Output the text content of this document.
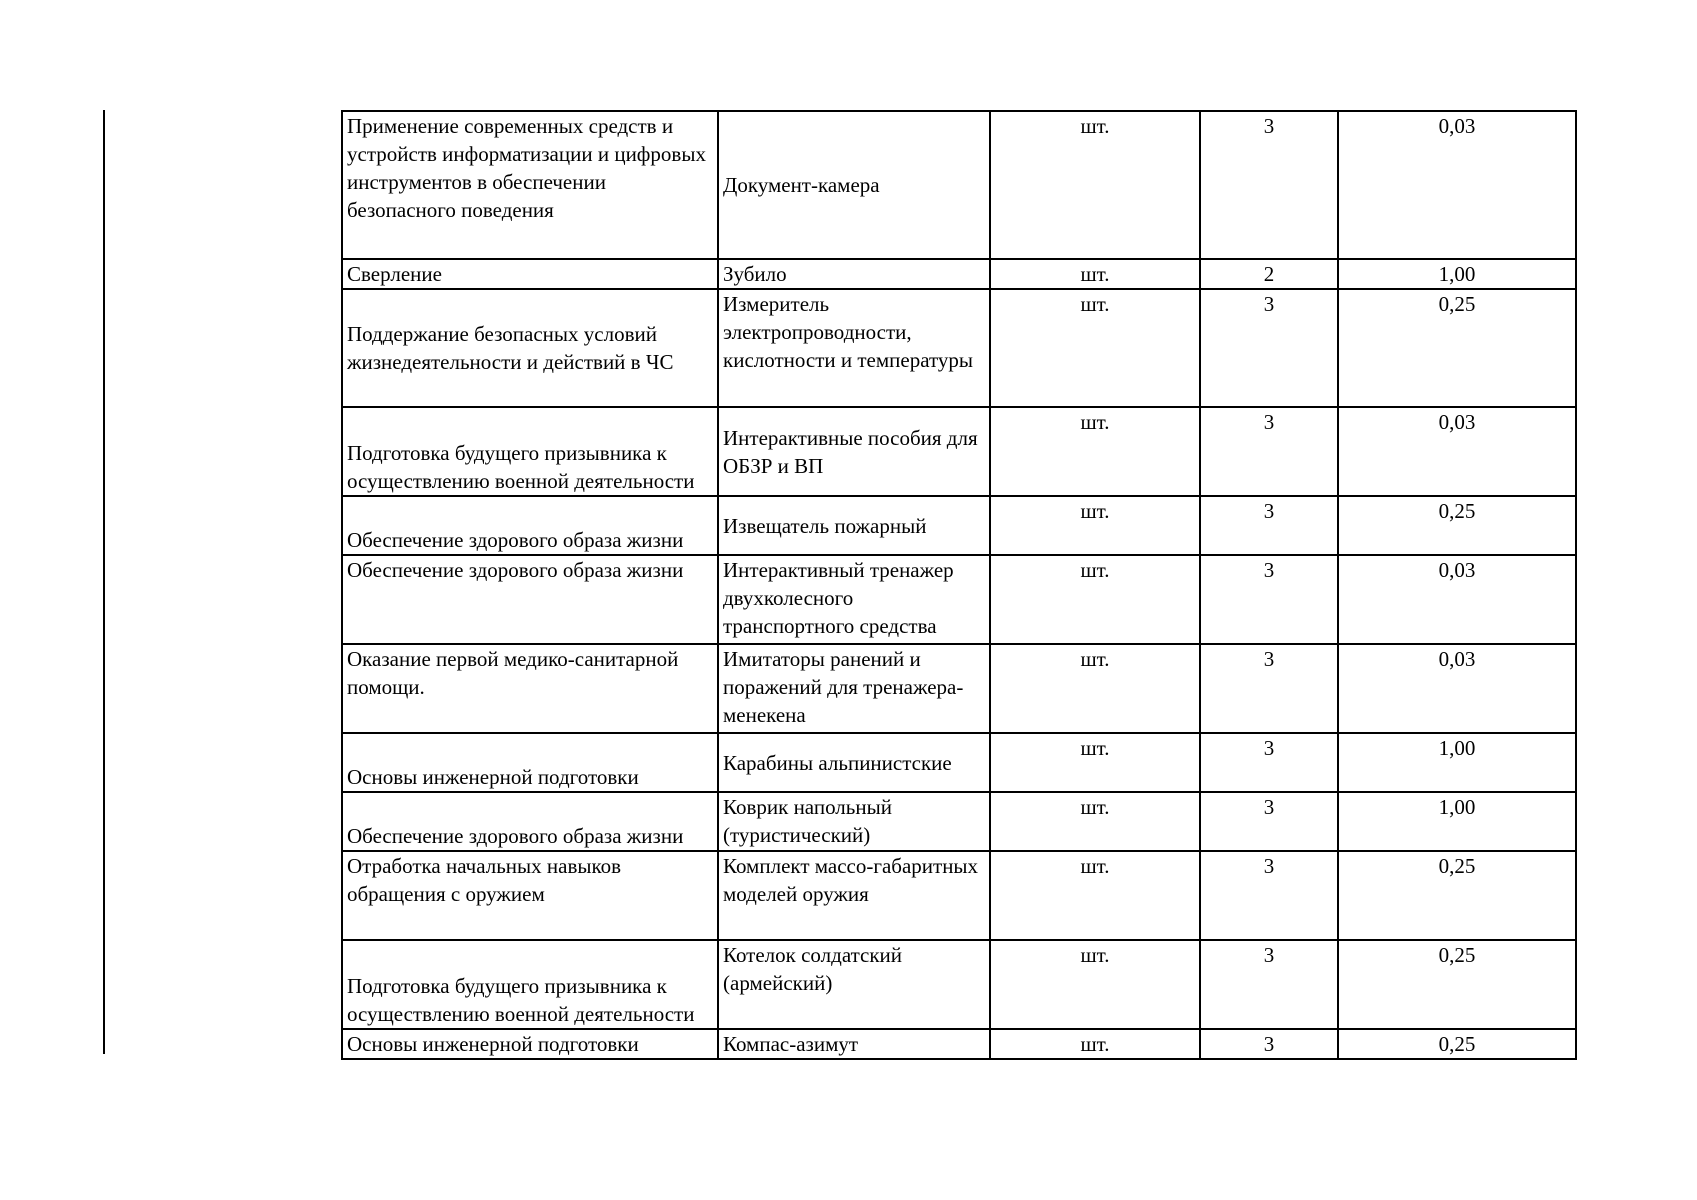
Применение современных средств и устройств информатизации и цифровых инструментов в обеспечении безопасного поведения	Документ-камера	шт.	3	0,03
Сверление	Зубило	шт.	2	1,00
Поддержание безопасных условий жизнедеятельности и действий в ЧС	Измеритель электропроводности, кислотности и температуры	шт.	3	0,25
Подготовка будущего призывника к осуществлению военной деятельности	Интерактивные пособия для ОБЗР и ВП	шт.	3	0,03
Обеспечение здорового образа жизни	Извещатель пожарный	шт.	3	0,25
Обеспечение здорового образа жизни	Интерактивный тренажер двухколесного транспортного средства	шт.	3	0,03
Оказание первой медико-санитарной помощи.	Имитаторы ранений и поражений для тренажера-менекена	шт.	3	0,03
Основы инженерной подготовки	Карабины альпинистские	шт.	3	1,00
Обеспечение здорового образа жизни	Коврик напольный (туристический)	шт.	3	1,00
Отработка начальных навыков обращения с оружием	Комплект массо-габаритных моделей оружия	шт.	3	0,25
Подготовка будущего призывника к осуществлению военной деятельности	Котелок солдатский (армейский)	шт.	3	0,25
Основы инженерной подготовки	Компас-азимут	шт.	3	0,25
